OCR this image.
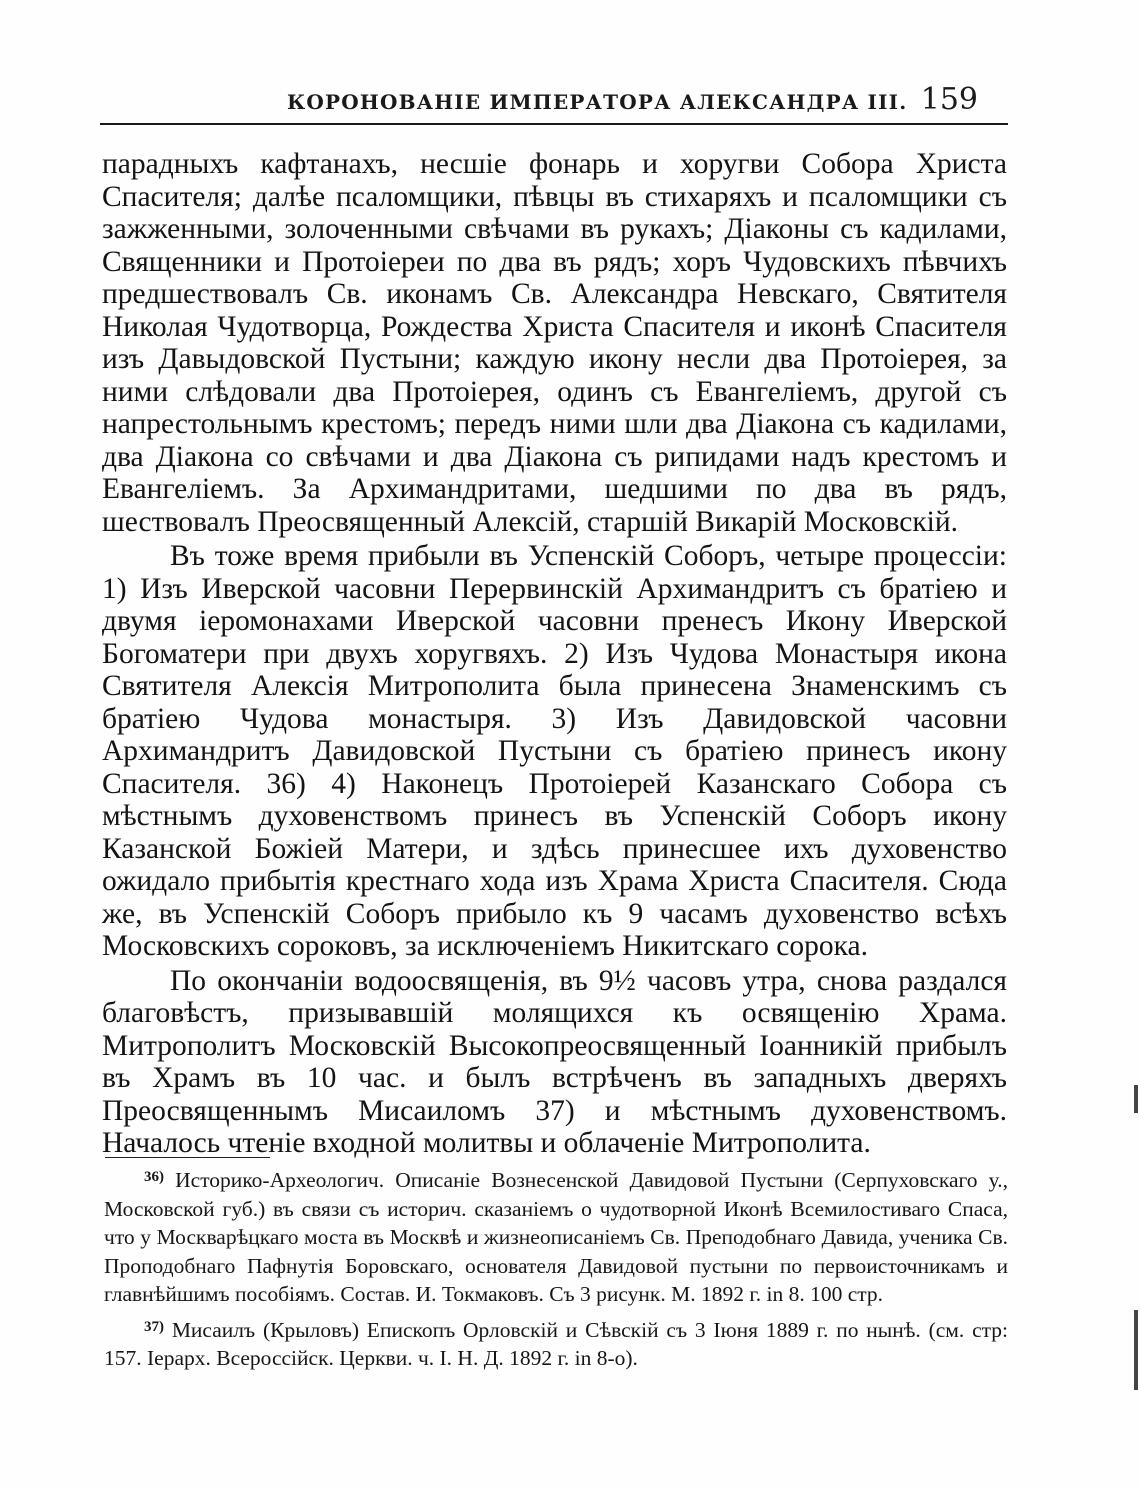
КОРОНОВАНІЕ ИМПЕРАТОРА АЛЕКСАНДРА III. 159

парадныхъ кафтанахъ, несшіе фонарь и хоругви Собора Христа Спасителя; далѣе псаломщики, пѣвцы въ стихаряхъ и псаломщики съ зажженными, золоченными свѣчами въ рукахъ; Діаконы съ кадилами, Священники и Протоіереи по два въ рядъ; хоръ Чудовскихъ пѣвчихъ предшествовалъ Св. иконамъ Св. Александра Невскаго, Святителя Николая Чудотворца, Рождества Христа Спасителя и иконѣ Спасителя изъ Давыдовской Пустыни; каждую икону несли два Протоіерея, за ними слѣдовали два Протоіерея, одинъ съ Евангеліемъ, другой съ напрестольнымъ крестомъ; передъ ними шли два Діакона съ кадилами, два Діакона со свѣчами и два Діакона съ рипидами надъ крестомъ и Евангеліемъ. За Архимандритами, шедшими по два въ рядъ, шествовалъ Преосвященный Алексій, старшій Викарій Московскій.

Въ тоже время прибыли въ Успенскій Соборъ, четыре процессіи: 1) Изъ Иверской часовни Перервинскій Архимандритъ съ братіею и двумя іеромонахами Иверской часовни пренесъ Икону Иверской Богоматери при двухъ хоругвяхъ. 2) Изъ Чудова Монастыря икона Святителя Алексія Митрополита была принесена Знаменскимъ съ братіею Чудова монастыря. 3) Изъ Давидовской часовни Архимандритъ Давидовской Пустыни съ братіею принесъ икону Спасителя. 36) 4) Наконецъ Протоіерей Казанскаго Собора съ мѣстнымъ духовенствомъ принесъ въ Успенскій Соборъ икону Казанской Божіей Матери, и здѣсь принесшее ихъ духовенство ожидало прибытія крестнаго хода изъ Храма Христа Спасителя. Сюда же, въ Успенскій Соборъ прибыло къ 9 часамъ духовенство всѣхъ Московскихъ сороковъ, за исключеніемъ Никитскаго сорока.

По окончаніи водоосвященія, въ 9½ часовъ утра, снова раздался благовѣстъ, призывавшій молящихся къ освященію Храма. Митрополитъ Московскій Высокопреосвященный Іоанникій прибылъ въ Храмъ въ 10 час. и былъ встрѣченъ въ западныхъ дверяхъ Преосвященнымъ Мисаиломъ 37) и мѣстнымъ духовенствомъ. Началось чтеніе входной молитвы и облаченіе Митрополита.

$^{36)}$ Историко-Археологич. Описаніе Вознесенской Давидовой Пустыни (Серпуховскаго у., Московской губ.) въ связи съ историч. сказаніемъ о чудотворной Иконѣ Всемилостиваго Спаса, что у Москварѣцкаго моста въ Москвѣ и жизнеописаніемъ Св. Преподобнаго Давида, ученика Св. Проподобнаго Пафнутія Боровскаго, основателя Давидовой пустыни по первоисточникамъ и главнѣйшимъ пособіямъ. Состав. И. Токмаковъ. Съ 3 рисунк. М. 1892 г. in 8. 100 стр.

$^{37)}$ Мисаилъ (Крыловъ) Епископъ Орловскій и Сѣвскій съ 3 Іюня 1889 г. по нынѣ. (см. стр: 157. Іерарх. Всероссійск. Церкви. ч. I. Н. Д. 1892 г. in 8-о).
